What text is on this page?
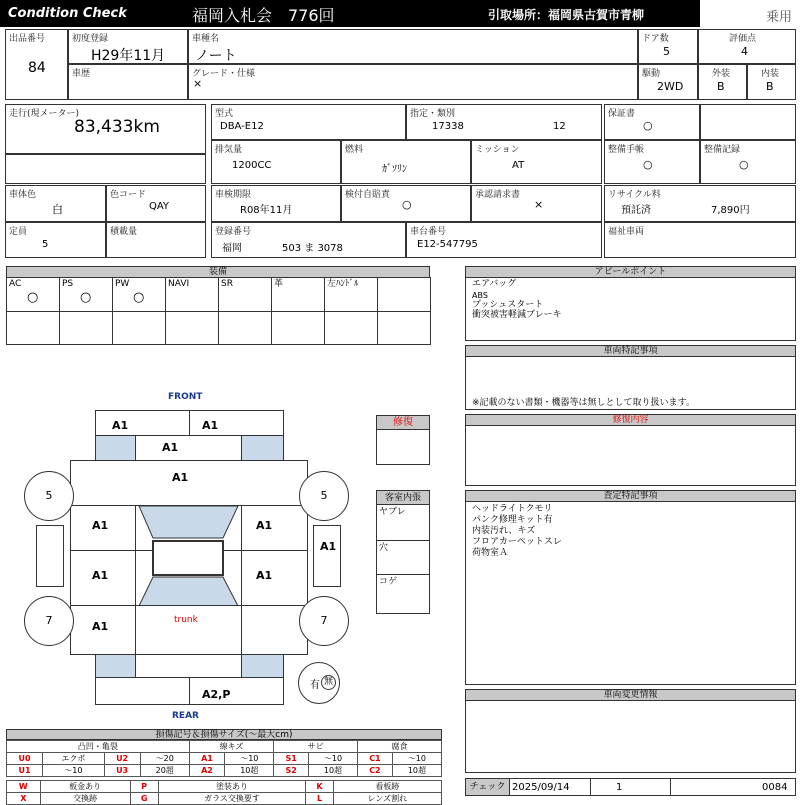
Condition Check	福岡入札会　776回	引取場所：福岡県古賀市青柳	乗用
出品番号
84
初度登録
H29年11月
車歴
車種名
ノート
グレード・仕様
×
ドア数
5
評価点
4
駆動
2WD
外装
B
内装
B
走行(現メーター)
83,433km
型式
DBA-E12
指定・類別
17338	12
排気量
1200CC
燃料
ｶﾞｿﾘﾝ
ミッション
AT
保証書
○
整備手帳
○
整備記録
○
車体色
白
色コード
QAY
定員
5
積載量
車検期限
R08年11月
検付自賠責
○
承認請求書
×
登録番号
福岡	503 ま 3078
車台番号
E12-547795
リサイクル料
預託済	7,890円
福祉車両
装備
AC
○
PS
○
PW
○
NAVI	SR	革	左ﾊﾝﾄﾞﾙ
アピールポイント
エアバッグ
ABS
プッシュスタート
衝突被害軽減ブレーキ
車両特記事項
※記載のない書類・機器等は無しとして取り扱います。
修復内容
査定特記事項
ヘッドライトクモリ
パンク修理キット有
内装汚れ、キズ
フロアカーペットスレ
荷物室Ａ
車両変更情報
チェック 2025/09/14	1	0084
修復
客室内張
ヤブレ
穴
コゲ
FRONT
REAR
A1	A1
A1
A1
A1	A1
A1	A1
A1	trunk
A2,P
A1
5	5
7	7
有 無
損傷記号＆損傷サイズ(～最大cm)
凸凹・亀裂				線キズ		サビ		腐食	
U0	エクボ	U2	～20	A1	～10	S1	～10	C1	～10
U1	～10	U3	20超	A2	10超	S2	10超	C2	10超
W	板金あり	P	塗装あり	K	看板跡
X	交換跡	G	ガラス交換要す	L	レンズ割れ
